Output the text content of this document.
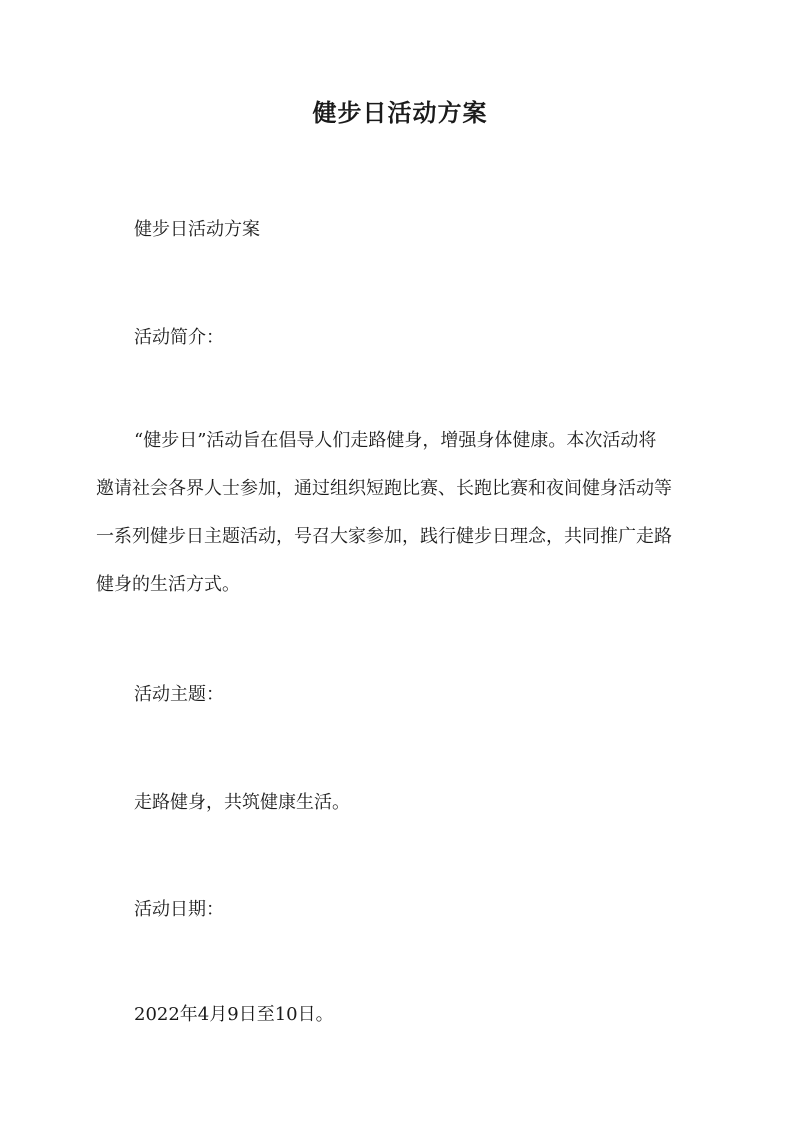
健步日活动方案
健步日活动方案
活动简介：
“健步日”活动旨在倡导人们走路健身，增强身体健康。本次活动将
邀请社会各界人士参加，通过组织短跑比赛、长跑比赛和夜间健身活动等
一系列健步日主题活动，号召大家参加，践行健步日理念，共同推广走路
健身的生活方式。
活动主题：
走路健身，共筑健康生活。
活动日期：
2022年4月9日至10日。
